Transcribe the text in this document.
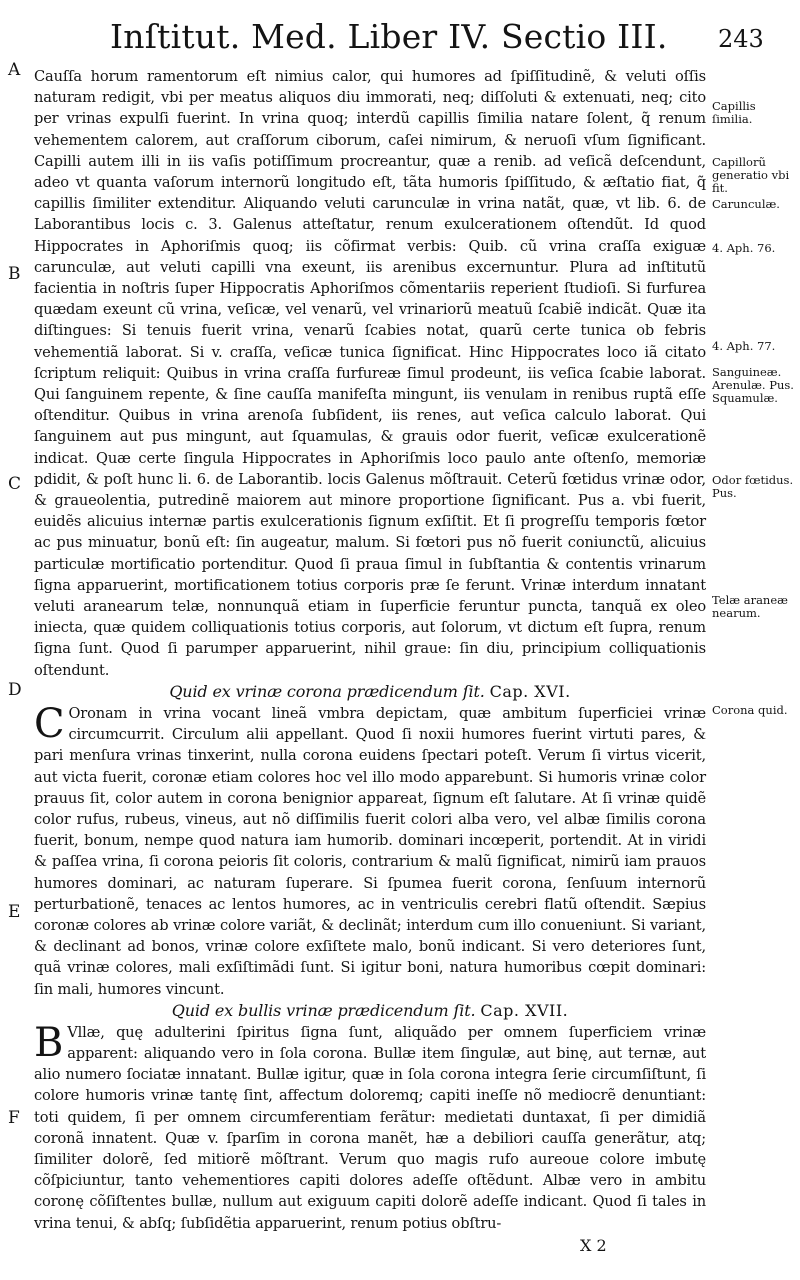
Inſtitut. Med. Liber IV. Sectio III.	243
A
B
C
D
E
F
Capillis ſimilia.
Capillorũ generatio vbi fit.
Carunculæ.
4. Aph. 76.
4. Aph. 77.
Sanguineæ. Arenulæ. Pus. Squamulæ.
Odor fœtidus. Pus.
Telæ araneæ nearum.
Corona quid.

Cauſſa horum ramentorum eſt nimius calor, qui humores ad ſpiſſitudinẽ, & veluti oſſis naturam redigit, vbi per meatus aliquos diu immorati, neq; diſſoluti & extenuati, neq; cito per vrinas expulſi fuerint. In vrina quoq; interdũ capillis ſimilia natare ſolent, q̃ renum vehementem calorem, aut craſſorum ciborum, caſei nimirum, & neruoſi vſum ſignificant. Capilli autem illi in iis vaſis potiſſimum procreantur, quæ a renib. ad veſicã deſcendunt, adeo vt quanta vaſorum internorũ longitudo eſt, tãta humoris ſpiſſitudo, & æſtatio fiat, q̃ capillis ſimiliter extenditur. Aliquando veluti carunculæ in vrina natãt, quæ, vt lib. 6. de Laborantibus locis c. 3. Galenus atteſtatur, renum exulcerationem oſtendũt. Id quod Hippocrates in Aphoriſmis quoq; iis cõfirmat verbis: Quib. cũ vrina craſſa exiguæ carunculæ, aut veluti capilli vna exeunt, iis arenibus excernuntur. Plura ad inſtitutũ facientia in noſtris ſuper Hippocratis Aphoriſmos cõmentariis reperient ſtudioſi. Si furfurea quædam exeunt cũ vrina, veſicæ, vel venarũ, vel vrinariorũ meatuũ ſcabiẽ indicãt. Quæ ita diſtingues: Si tenuis fuerit vrina, venarũ ſcabies notat, quarũ certe tunica ob febris vehementiã laborat. Si v. craſſa, veſicæ tunica ſignificat. Hinc Hippocrates loco iã citato ſcriptum reliquit: Quibus in vrina craſſa furfureæ ſimul prodeunt, iis veſica ſcabie laborat. Qui ſanguinem repente, & ſine cauſſa manifeſta mingunt, iis venulam in renibus ruptã eſſe oſtenditur. Quibus in vrina arenoſa ſubſident, iis renes, aut veſica calculo laborat. Qui ſanguinem aut pus mingunt, aut ſquamulas, & grauis odor fuerit, veſicæ exulcerationẽ indicat. Quæ certe ſingula Hippocrates in Aphoriſmis loco paulo ante oſtenſo, memoriæ pdidit, & poſt hunc li. 6. de Laborantib. locis Galenus mõſtrauit. Ceterũ fœtidus vrinæ odor, & graueolentia, putredinẽ maiorem aut minore proportione ſignificant. Pus a. vbi fuerit, euidẽs alicuius internæ partis exulcerationis ſignum exſiſtit. Et ſi progreſſu temporis fœtor ac pus minuatur, bonũ eſt: ſin augeatur, malum. Si fœtori pus nõ fuerit coniunctũ, alicuius particulæ mortificatio portenditur. Quod ſi praua ſimul in ſubſtantia & contentis vrinarum ſigna apparuerint, mortificationem totius corporis præ ſe ferunt. Vrinæ interdum innatant veluti aranearum telæ, nonnunquã etiam in ſuperficie feruntur puncta, tanquã ex oleo iniecta, quæ quidem colliquationis totius corporis, aut ſolorum, vt dictum eſt ſupra, renum ſigna ſunt. Quod ſi parumper apparuerint, nihil graue: ſin diu, principium colliquationis oſtendunt.

Quid ex vrinæ corona prædicendum ſit. Cap. XVI.

C Oronam in vrina vocant lineã vmbra depictam, quæ ambitum ſuperficiei vrinæ circumcurrit. Circulum alii appellant. Quod ſi noxii humores fuerint virtuti pares, & pari menſura vrinas tinxerint, nulla corona euidens ſpectari poteſt. Verum ſi virtus vicerit, aut victa fuerit, coronæ etiam colores hoc vel illo modo apparebunt. Si humoris vrinæ color prauus ſit, color autem in corona benignior appareat, ſignum eſt ſalutare. At ſi vrinæ quidẽ color rufus, rubeus, vineus, aut nõ diſſimilis fuerit colori alba vero, vel albæ ſimilis corona fuerit, bonum, nempe quod natura iam humorib. dominari incœperit, portendit. At in viridi & paſſea vrina, ſi corona peioris ſit coloris, contrarium & malũ ſignificat, nimirũ iam prauos humores dominari, ac naturam ſuperare. Si ſpumea fuerit corona, ſenſuum internorũ perturbationẽ, tenaces ac lentos humores, ac in ventriculis cerebri flatũ oſtendit. Sæpius coronæ colores ab vrinæ colore variãt, & declinãt; interdum cum illo conueniunt. Si variant, & declinant ad bonos, vrinæ colore exſiſtete malo, bonũ indicant. Si vero deteriores ſunt, quã vrinæ colores, mali exſiſtimãdi ſunt. Si igitur boni, natura humoribus cœpit dominari: ſin mali, humores vincunt.

Quid ex bullis vrinæ prædicendum ſit. Cap. XVII.

B Vllæ, quę adulterini ſpiritus ſigna ſunt, aliquãdo per omnem ſuperficiem vrinæ apparent: aliquando vero in ſola corona. Bullæ item ſingulæ, aut binę, aut ternæ, aut alio numero ſociatæ innatant. Bullæ igitur, quæ in ſola corona integra ſerie circumſiſtunt, ſi colore humoris vrinæ tantę ſint, affectum doloremq; capiti ineſſe nõ mediocrẽ denuntiant: toti quidem, ſi per omnem circumferentiam ferãtur: medietati duntaxat, ſi per dimidiã coronã innatent. Quæ v. ſparſim in corona manẽt, hæ a debiliori cauſſa generãtur, atq; ſimiliter dolorẽ, ſed mitiorẽ mõſtrant. Verum quo magis rufo aureoue colore imbutę cõſpiciuntur, tanto vehementiores capiti dolores adeſſe oſtẽdunt. Albæ vero in ambitu coronę cõſiſtentes bullæ, nullum aut exiguum capiti dolorẽ adeſſe indicant. Quod ſi tales in vrina tenui, & abſq; ſubſidẽtia apparuerint, renum potius obſtru-

X 2
